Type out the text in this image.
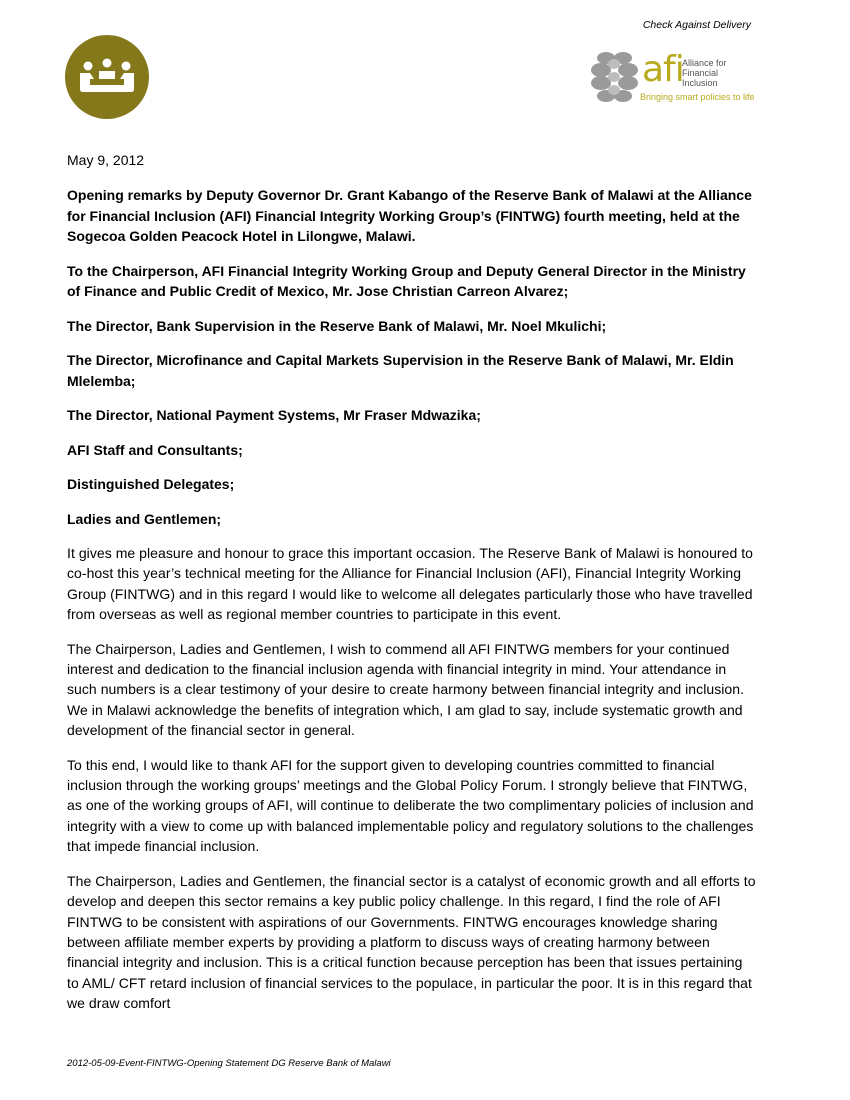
Check Against Delivery
afi
Alliance for
Financial Inclusion
Bringing smart policies to life

May 9, 2012

Opening remarks by Deputy Governor Dr. Grant Kabango of the Reserve Bank of Malawi at the Alliance for Financial Inclusion (AFI) Financial Integrity Working Group’s (FINTWG) fourth meeting, held at the Sogecoa Golden Peacock Hotel in Lilongwe, Malawi.

To the Chairperson, AFI Financial Integrity Working Group and Deputy General Director in the Ministry of Finance and Public Credit of Mexico, Mr. Jose Christian Carreon Alvarez;

The Director, Bank Supervision in the Reserve Bank of Malawi, Mr. Noel Mkulichi;

The Director, Microfinance and Capital Markets Supervision in the Reserve Bank of Malawi, Mr. Eldin Mlelemba;

The Director, National Payment Systems, Mr Fraser Mdwazika;

AFI Staff and Consultants;

Distinguished Delegates;

Ladies and Gentlemen;

It gives me pleasure and honour to grace this important occasion. The Reserve Bank of Malawi is honoured to co-host this year’s technical meeting for the Alliance for Financial Inclusion (AFI), Financial Integrity Working Group (FINTWG) and in this regard I would like to welcome all delegates particularly those who have travelled from overseas as well as regional member countries to participate in this event.

The Chairperson, Ladies and Gentlemen, I wish to commend all AFI FINTWG members for your continued interest and dedication to the financial inclusion agenda with financial integrity in mind. Your attendance in such numbers is a clear testimony of your desire to create harmony between financial integrity and inclusion. We in Malawi acknowledge the benefits of integration which, I am glad to say, include systematic growth and development of the financial sector in general.

To this end, I would like to thank AFI for the support given to developing countries committed to financial inclusion through the working groups’ meetings and the Global Policy Forum. I strongly believe that FINTWG, as one of the working groups of AFI, will continue to deliberate the two complimentary policies of inclusion and integrity with a view to come up with balanced implementable policy and regulatory solutions to the challenges that impede financial inclusion.

The Chairperson, Ladies and Gentlemen, the financial sector is a catalyst of economic growth and all efforts to develop and deepen this sector remains a key public policy challenge. In this regard, I find the role of AFI FINTWG to be consistent with aspirations of our Governments. FINTWG encourages knowledge sharing between affiliate member experts by providing a platform to discuss ways of creating harmony between financial integrity and inclusion. This is a critical function because perception has been that issues pertaining to AML/ CFT retard inclusion of financial services to the populace, in particular the poor. It is in this regard that we draw comfort

2012-05-09-Event-FINTWG-Opening Statement DG Reserve Bank of Malawi
